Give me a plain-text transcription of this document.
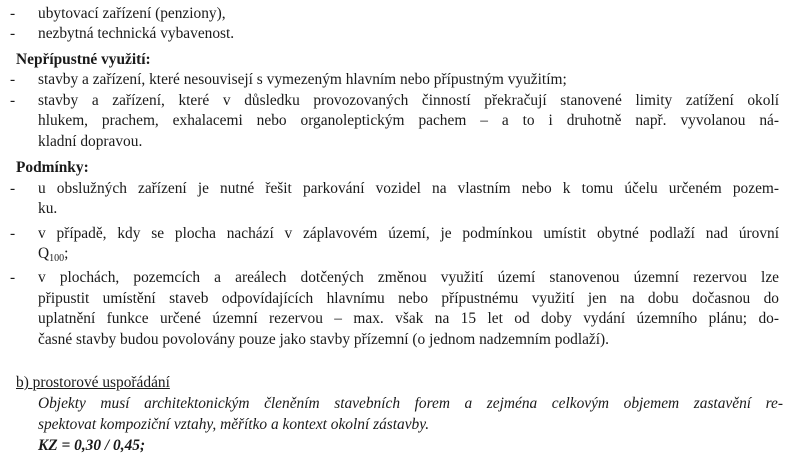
- ubytovací zařízení (penziony),
- nezbytná technická vybavenost.
Nepřípustné využití:
- stavby a zařízení, které nesouvisejí s vymezeným hlavním nebo přípustným využitím;
- stavby a zařízení, které v důsledku provozovaných činností překračují stanovené limity zatížení okolí
hlukem, prachem, exhalacemi nebo organoleptickým pachem – a to i druhotně např. vyvolanou ná-
kladní dopravou.
Podmínky:
- u obslužných zařízení je nutné řešit parkování vozidel na vlastním nebo k tomu účelu určeném pozem-
ku.
- v případě, kdy se plocha nachází v záplavovém území, je podmínkou umístit obytné podlaží nad úrovní
$Q_{100}$;
- v plochách, pozemcích a areálech dotčených změnou využití území stanovenou územní rezervou lze
připustit umístění staveb odpovídajících hlavnímu nebo přípustnému využití jen na dobu dočasnou do
uplatnění funkce určené územní rezervou – max. však na 15 let od doby vydání územního plánu; do-
časné stavby budou povolovány pouze jako stavby přízemní (o jednom nadzemním podlaží).
b) prostorové uspořádání
Objekty musí architektonickým členěním stavebních forem a zejména celkovým objemem zastavění re-
spektovat kompoziční vztahy, měřítko a kontext okolní zástavby.
KZ = 0,30 / 0,45;
